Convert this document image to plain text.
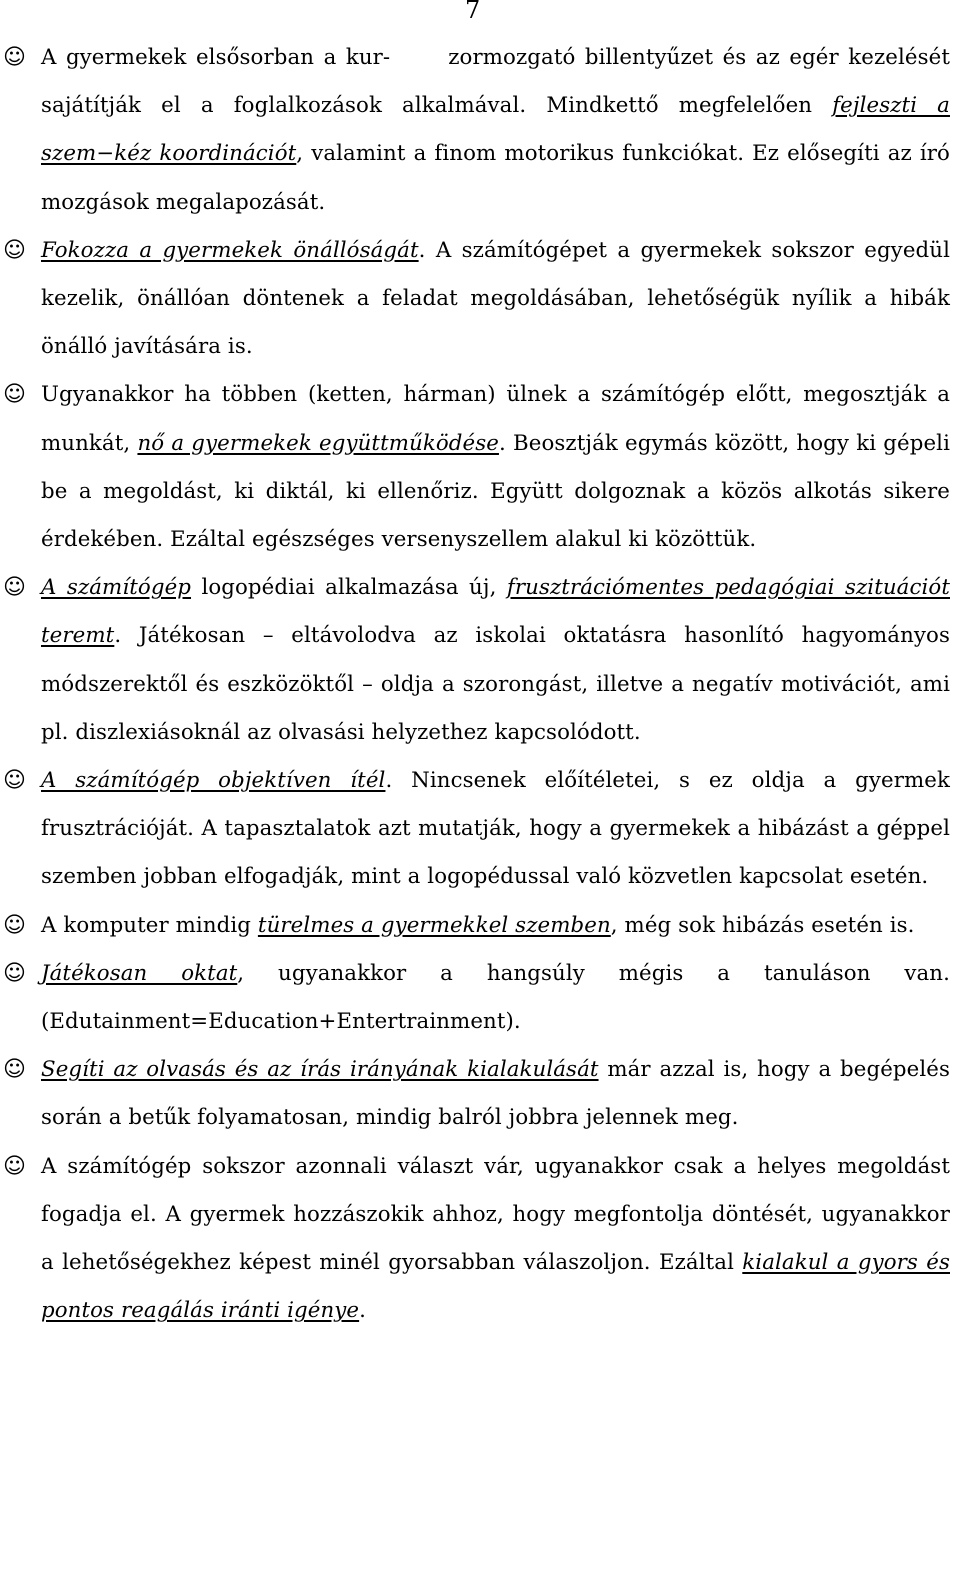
7
☺ A gyermekek elsősorban a kur-	zormozgató billentyűzet és az egér kezelését sajátítják el a foglalkozások alkalmával. Mindkettő megfelelően fejleszti a szem−kéz koordinációt, valamint a finom motorikus funkciókat. Ez elősegíti az író mozgások megalapozását.
☺ Fokozza a gyermekek önállóságát. A számítógépet a gyermekek sokszor egyedül kezelik, önállóan döntenek a feladat megoldásában, lehetőségük nyílik a hibák önálló javítására is.
☺ Ugyanakkor ha többen (ketten, hárman) ülnek a számítógép előtt, megosztják a munkát, nő a gyermekek együttműködése. Beosztják egymás között, hogy ki gépeli be a megoldást, ki diktál, ki ellenőriz. Együtt dolgoznak a közös alkotás sikere érdekében. Ezáltal egészséges versenyszellem alakul ki közöttük.
☺ A számítógép logopédiai alkalmazása új, frusztrációmentes pedagógiai szituációt teremt. Játékosan – eltávolodva az iskolai oktatásra hasonlító hagyományos módszerektől és eszközöktől – oldja a szorongást, illetve a negatív motivációt, ami pl. diszlexiásoknál az olvasási helyzethez kapcsolódott.
☺ A számítógép objektíven ítél. Nincsenek előítéletei, s ez oldja a gyermek frusztrációját. A tapasztalatok azt mutatják, hogy a gyermekek a hibázást a géppel szemben jobban elfogadják, mint a logopédussal való közvetlen kapcsolat esetén.
☺ A komputer mindig türelmes a gyermekkel szemben, még sok hibázás esetén is.
☺ Játékosan oktat, ugyanakkor a hangsúly mégis a tanuláson van. (Edutainment=Education+Entertrainment).
☺ Segíti az olvasás és az írás irányának kialakulását már azzal is, hogy a begépelés során a betűk folyamatosan, mindig balról jobbra jelennek meg.
☺ A számítógép sokszor azonnali választ vár, ugyanakkor csak a helyes megoldást fogadja el. A gyermek hozzászokik ahhoz, hogy megfontolja döntését, ugyanakkor a lehetőségekhez képest minél gyorsabban válaszoljon. Ezáltal kialakul a gyors és pontos reagálás iránti igénye.
